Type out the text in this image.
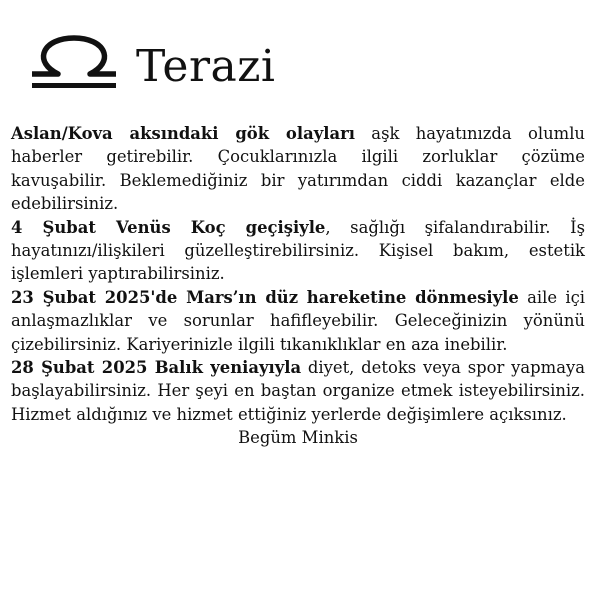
Terazi

Aslan/Kova aksındaki gök olayları aşk hayatınızda olumlu haberler getirebilir. Çocuklarınızla ilgili zorluklar çözüme kavuşabilir. Beklemediğiniz bir yatırımdan ciddi kazançlar elde edebilirsiniz.

4 Şubat Venüs Koç geçişiyle, sağlığı şifalandırabilir. İş hayatınızı/ilişkileri güzelleştirebilirsiniz. Kişisel bakım, estetik işlemleri yaptırabilirsiniz.

23 Şubat 2025'de Mars’ın düz hareketine dönmesiyle aile içi anlaşmazlıklar ve sorunlar hafifleyebilir. Geleceğinizin yönünü çizebilirsiniz. Kariyerinizle ilgili tıkanıklıklar en aza inebilir.

28 Şubat 2025 Balık yeniayıyla diyet, detoks veya spor yapmaya başlayabilirsiniz. Her şeyi en baştan organize etmek isteyebilirsiniz. Hizmet aldığınız ve hizmet ettiğiniz yerlerde değişimlere açıksınız.

Begüm Minkis
